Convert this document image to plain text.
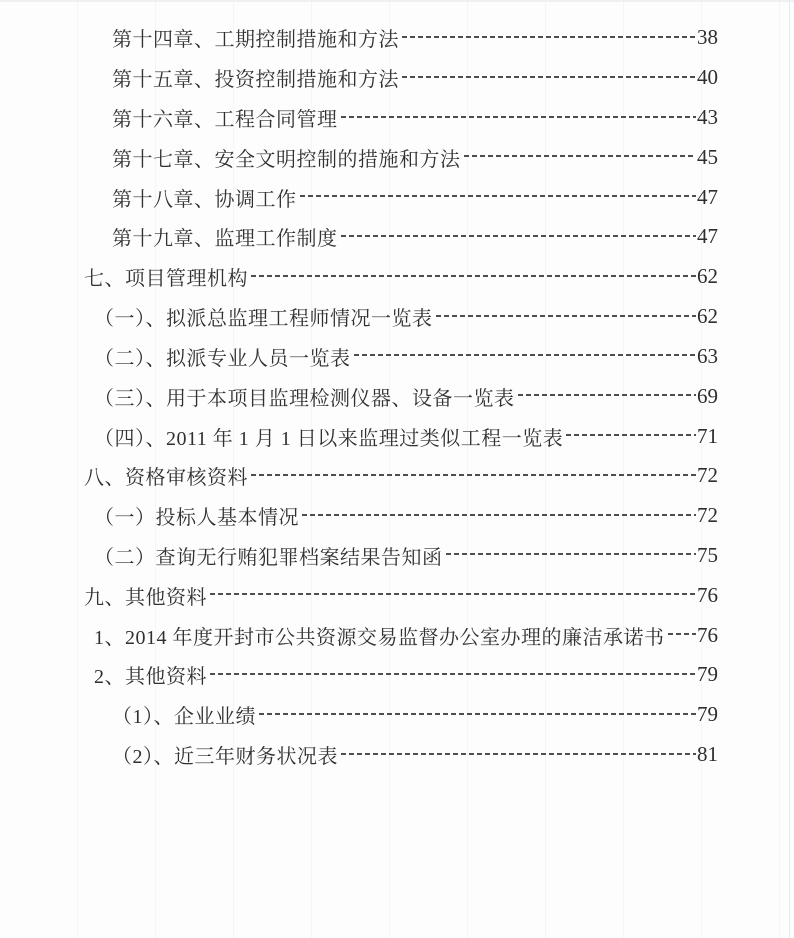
第十四章、工期控制措施和方法	38
第十五章、投资控制措施和方法	40
第十六章、工程合同管理	43
第十七章、安全文明控制的措施和方法	45
第十八章、协调工作	47
第十九章、监理工作制度	47
七、项目管理机构	62
（一）、拟派总监理工程师情况一览表	62
（二）、拟派专业人员一览表	63
（三）、用于本项目监理检测仪器、设备一览表	69
（四）、2011 年 1 月 1 日以来监理过类似工程一览表	71
八、资格审核资料	72
（一）投标人基本情况	72
（二）查询无行贿犯罪档案结果告知函	75
九、其他资料	76
1、2014 年度开封市公共资源交易监督办公室办理的廉洁承诺书 76
2、其他资料	79
（1）、企业业绩	79
（2）、近三年财务状况表	81
